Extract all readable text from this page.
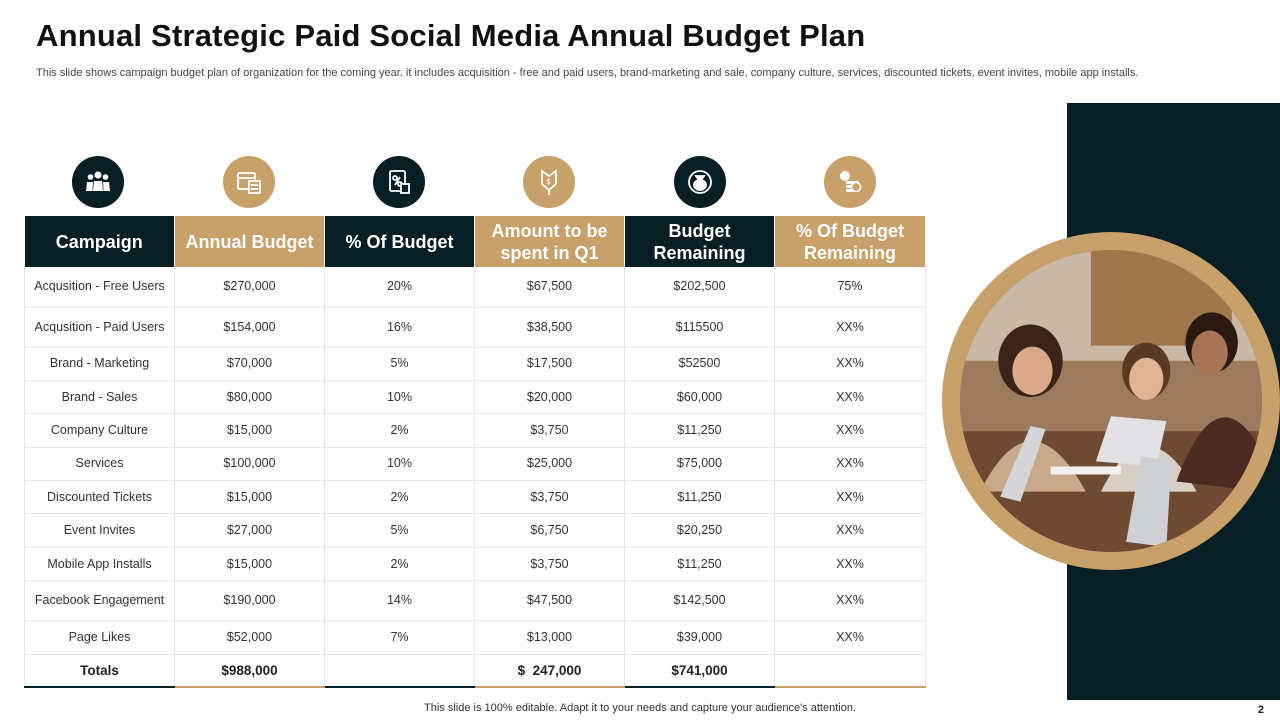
Annual Strategic Paid Social Media Annual Budget Plan
This slide shows campaign budget plan of organization for the coming year. it includes acquisition - free and paid users, brand-marketing and sale, company culture, services, discounted tickets, event invites, mobile app installs.
$
Campaign	Annual Budget	% Of Budget	Amount to be spent in Q1	Budget Remaining	% Of Budget Remaining
Acqusition - Free Users	$270,000	20%	$67,500	$202,500	75%
Acqusition - Paid Users	$154,000	16%	$38,500	$115500	XX%
Brand - Marketing	$70,000	5%	$17,500	$52500	XX%
Brand - Sales	$80,000	10%	$20,000	$60,000	XX%
Company Culture	$15,000	2%	$3,750	$11,250	XX%
Services	$100,000	10%	$25,000	$75,000	XX%
Discounted Tickets	$15,000	2%	$3,750	$11,250	XX%
Event Invites	$27,000	5%	$6,750	$20,250	XX%
Mobile App Installs	$15,000	2%	$3,750	$11,250	XX%
Facebook Engagement	$190,000	14%	$47,500	$142,500	XX%
Page Likes	$52,000	7%	$13,000	$39,000	XX%
Totals	$988,000		$  247,000	$741,000	
This slide is 100% editable. Adapt it to your needs and capture your audience's attention.	2
